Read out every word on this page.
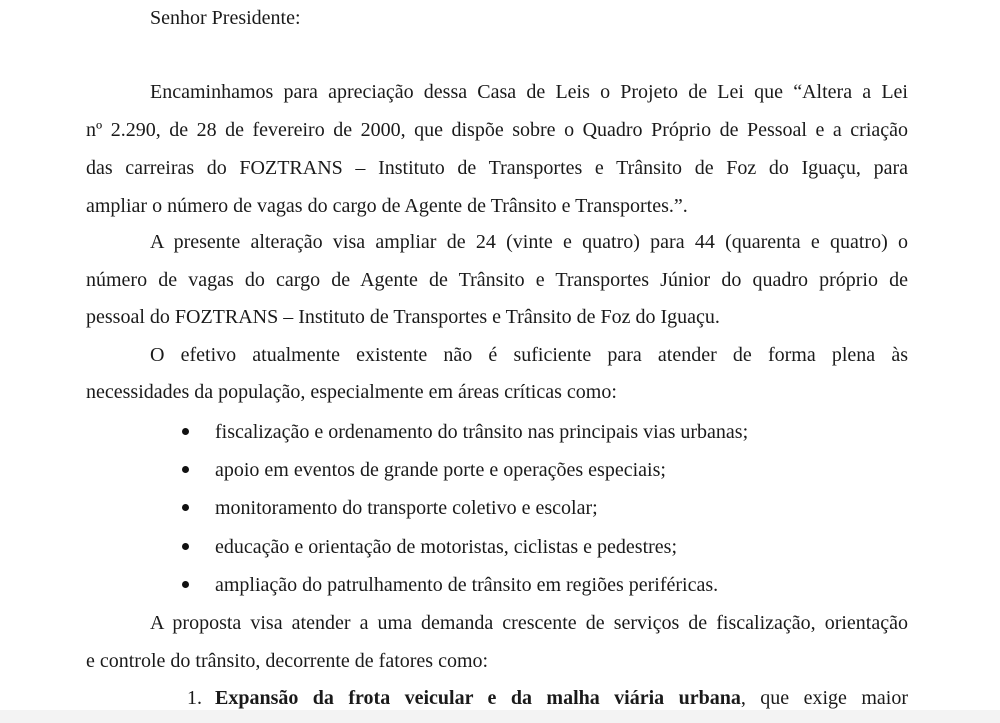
Senhor Presidente:
Encaminhamos para apreciação dessa Casa de Leis o Projeto de Lei que “Altera a Lei
nº 2.290, de 28 de fevereiro de 2000, que dispõe sobre o Quadro Próprio de Pessoal e a criação
das carreiras do FOZTRANS – Instituto de Transportes e Trânsito de Foz do Iguaçu, para
ampliar o número de vagas do cargo de Agente de Trânsito e Transportes.”.
A presente alteração visa ampliar de 24 (vinte e quatro) para 44 (quarenta e quatro) o
número de vagas do cargo de Agente de Trânsito e Transportes Júnior do quadro próprio de
pessoal do FOZTRANS – Instituto de Transportes e Trânsito de Foz do Iguaçu.
O efetivo atualmente existente não é suficiente para atender de forma plena às
necessidades da população, especialmente em áreas críticas como:
fiscalização e ordenamento do trânsito nas principais vias urbanas;
apoio em eventos de grande porte e operações especiais;
monitoramento do transporte coletivo e escolar;
educação e orientação de motoristas, ciclistas e pedestres;
ampliação do patrulhamento de trânsito em regiões periféricas.
A proposta visa atender a uma demanda crescente de serviços de fiscalização, orientação
e controle do trânsito, decorrente de fatores como:
1. Expansão da frota veicular e da malha viária urbana, que exige maior
